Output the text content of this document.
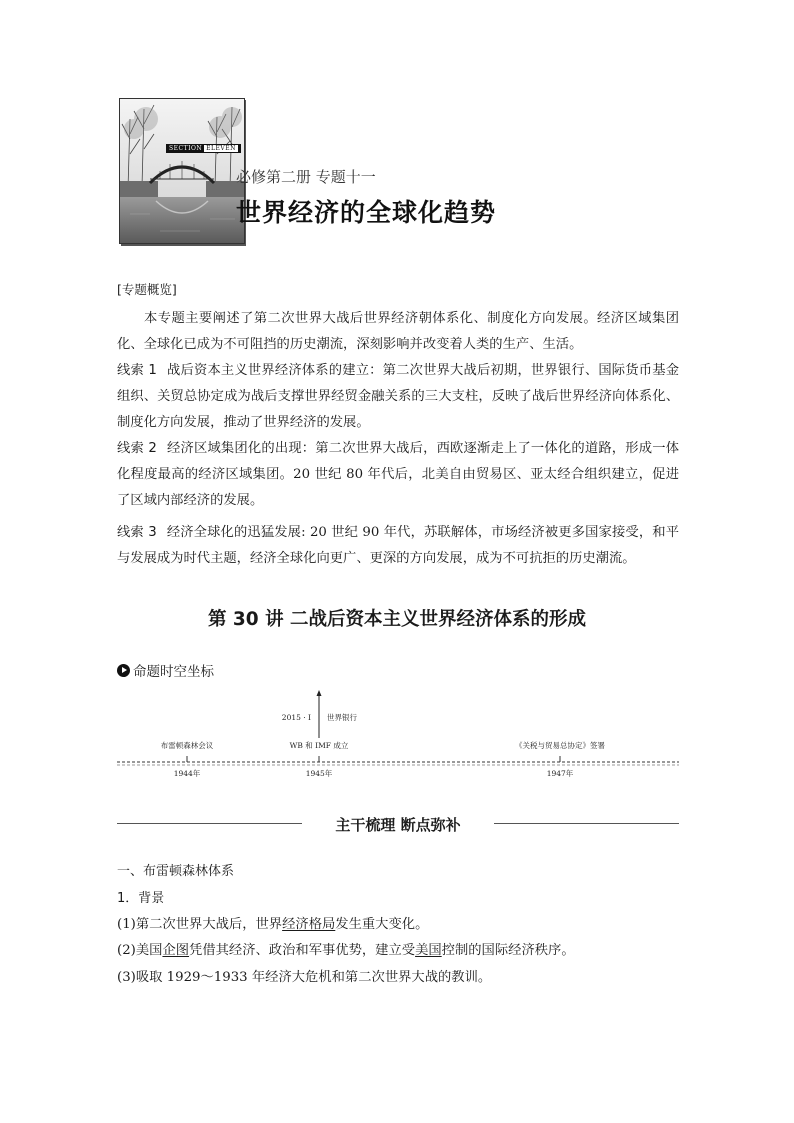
SECTION ELEVEN
必修第二册 专题十一
世界经济的全球化趋势
[专题概览]

本专题主要阐述了第二次世界大战后世界经济朝体系化、制度化方向发展。经济区域集团化、全球化已成为不可阻挡的历史潮流，深刻影响并改变着人类的生产、生活。

线索 1 战后资本主义世界经济体系的建立：第二次世界大战后初期，世界银行、国际货币基金组织、关贸总协定成为战后支撑世界经贸金融关系的三大支柱，反映了战后世界经济向体系化、制度化方向发展，推动了世界经济的发展。

线索 2 经济区域集团化的出现：第二次世界大战后，西欧逐渐走上了一体化的道路，形成一体化程度最高的经济区域集团。20 世纪 80 年代后，北美自由贸易区、亚太经合组织建立，促进了区域内部经济的发展。

线索 3 经济全球化的迅猛发展: 20 世纪 90 年代，苏联解体，市场经济被更多国家接受，和平与发展成为时代主题，经济全球化向更广、更深的方向发展，成为不可抗拒的历史潮流。

第 30 讲 二战后资本主义世界经济体系的形成
命题时空坐标
2015 · Ⅰ 世界银行
布雷顿森林会议	WB 和 IMF 成立	《关税与贸易总协定》签署
1944年	1945年	1947年
主干梳理 断点弥补
一、布雷顿森林体系
1．背景
(1)第二次世界大战后，世界经济格局发生重大变化。
(2)美国企图凭借其经济、政治和军事优势，建立受美国控制的国际经济秩序。
(3)吸取 1929～1933 年经济大危机和第二次世界大战的教训。
